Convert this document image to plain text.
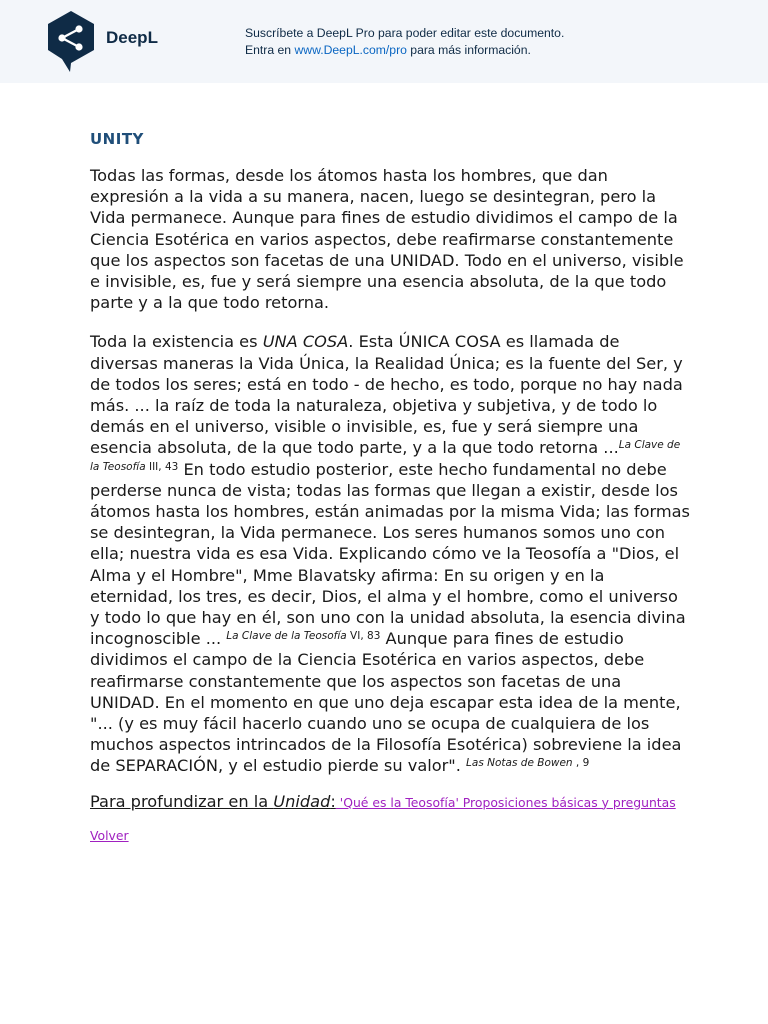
DeepL	Suscríbete a DeepL Pro para poder editar este documento.
Entra en www.DeepL.com/pro para más información.
UNITY

Todas las formas, desde los átomos hasta los hombres, que dan expresión a la vida a su manera, nacen, luego se desintegran, pero la Vida permanece. Aunque para fines de estudio dividimos el campo de la Ciencia Esotérica en varios aspectos, debe reafirmarse constantemente que los aspectos son facetas de una UNIDAD. Todo en el universo, visible e invisible, es, fue y será siempre una esencia absoluta, de la que todo parte y a la que todo retorna.

Toda la existencia es UNA COSA. Esta ÚNICA COSA es llamada de diversas maneras la Vida Única, la Realidad Única; es la fuente del Ser, y de todos los seres; está en todo - de hecho, es todo, porque no hay nada más. ... la raíz de toda la naturaleza, objetiva y subjetiva, y de todo lo demás en el universo, visible o invisible, es, fue y será siempre una esencia absoluta, de la que todo parte, y a la que todo retorna ...$^{La Clave de la Teosofía III, 43}$ En todo estudio posterior, este hecho fundamental no debe perderse nunca de vista; todas las formas que llegan a existir, desde los átomos hasta los hombres, están animadas por la misma Vida; las formas se desintegran, la Vida permanece. Los seres humanos somos uno con ella; nuestra vida es esa Vida. Explicando cómo ve la Teosofía a "Dios, el Alma y el Hombre", Mme Blavatsky afirma: En su origen y en la eternidad, los tres, es decir, Dios, el alma y el hombre, como el universo y todo lo que hay en él, son uno con la unidad absoluta, la esencia divina incognoscible ... $^{La Clave de la Teosofía VI, 83}$ Aunque para fines de estudio dividimos el campo de la Ciencia Esotérica en varios aspectos, debe reafirmarse constantemente que los aspectos son facetas de una UNIDAD. En el momento en que uno deja escapar esta idea de la mente, "... (y es muy fácil hacerlo cuando uno se ocupa de cualquiera de los muchos aspectos intrincados de la Filosofía Esotérica) sobreviene la idea de SEPARACIÓN, y el estudio pierde su valor". $^{Las Notas de Bowen , 9}$

Para profundizar en la Unidad: 'Qué es la Teosofía' Proposiciones básicas y preguntas

Volver
